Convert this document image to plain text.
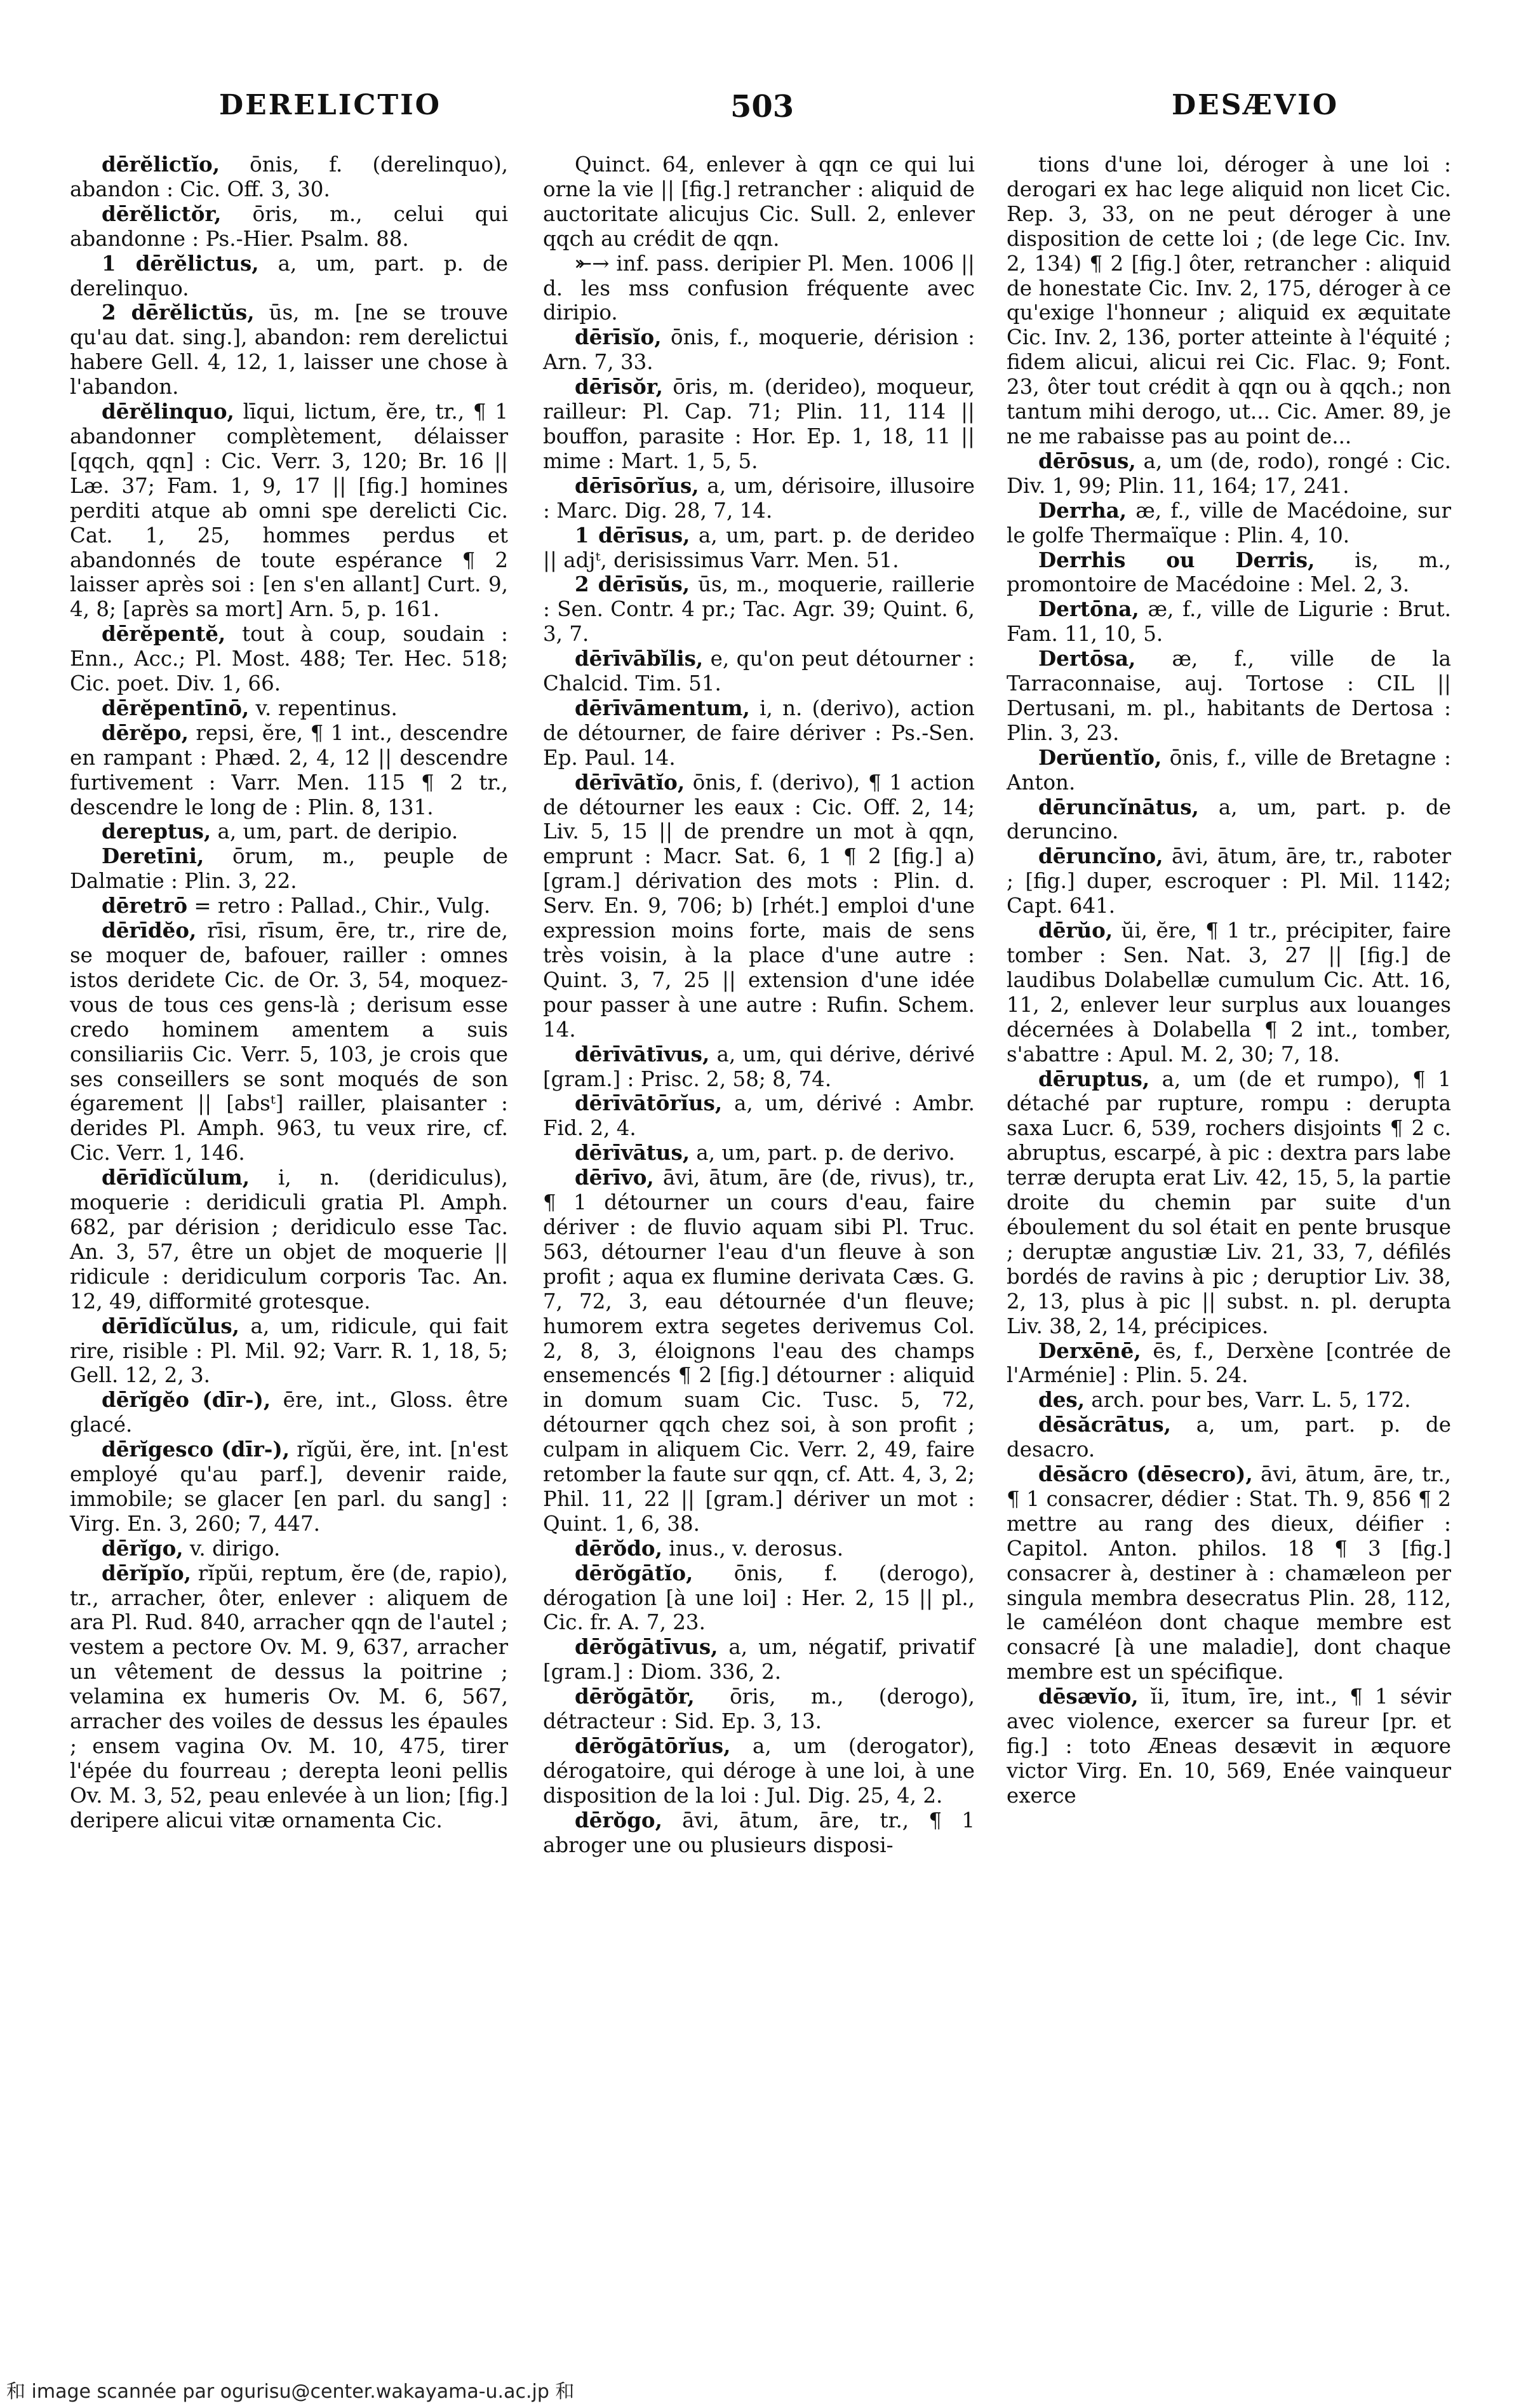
DERELICTIO	503	DESÆVIO

dērĕlictĭo, ōnis, f. (derelinquo), abandon : Cic. Off. 3, 30.

dērĕlictŏr, ōris, m., celui qui abandonne : Ps.-Hier. Psalm. 88.

1 dērĕlictus, a, um, part. p. de derelinquo.

2 dērĕlictŭs, ūs, m. [ne se trouve qu'au dat. sing.], abandon: rem derelictui habere Gell. 4, 12, 1, laisser une chose à l'abandon.

dērĕlinquo, līqui, lictum, ĕre, tr., ¶ 1 abandonner complètement, délaisser [qqch, qqn] : Cic. Verr. 3, 120; Br. 16 || Læ. 37; Fam. 1, 9, 17 || [fig.] homines perditi atque ab omni spe derelicti Cic. Cat. 1, 25, hommes perdus et abandonnés de toute espérance ¶ 2 laisser après soi : [en s'en allant] Curt. 9, 4, 8; [après sa mort] Arn. 5, p. 161.

dērĕpentĕ, tout à coup, soudain : Enn., Acc.; Pl. Most. 488; Ter. Hec. 518; Cic. poet. Div. 1, 66.

dērĕpentīnō, v. repentinus.

dērĕpo, repsi, ĕre, ¶ 1 int., descendre en rampant : Phæd. 2, 4, 12 || descendre furtivement : Varr. Men. 115 ¶ 2 tr., descendre le long de : Plin. 8, 131.

dereptus, a, um, part. de deripio.

Deretīni, ōrum, m., peuple de Dalmatie : Plin. 3, 22.

dēretrō = retro : Pallad., Chir., Vulg.

dērīdĕo, rīsi, rīsum, ēre, tr., rire de, se moquer de, bafouer, railler : omnes istos deridete Cic. de Or. 3, 54, moquez-vous de tous ces gens-là ; derisum esse credo hominem amentem a suis consiliariis Cic. Verr. 5, 103, je crois que ses conseillers se sont moqués de son égarement || [absᵗ] railler, plaisanter : derides Pl. Amph. 963, tu veux rire, cf. Cic. Verr. 1, 146.

dērīdĭcŭlum, i, n. (deridiculus), moquerie : deridiculi gratia Pl. Amph. 682, par dérision ; deridiculo esse Tac. An. 3, 57, être un objet de moquerie || ridicule : deridiculum corporis Tac. An. 12, 49, difformité grotesque.

dērīdĭcŭlus, a, um, ridicule, qui fait rire, risible : Pl. Mil. 92; Varr. R. 1, 18, 5; Gell. 12, 2, 3.

dērĭgĕo (dīr-), ēre, int., Gloss. être glacé.

dērĭgesco (dīr-), rĭgŭi, ĕre, int. [n'est employé qu'au parf.], devenir raide, immobile; se glacer [en parl. du sang] : Virg. En. 3, 260; 7, 447.

dērĭgo, v. dirigo.

dērĭpĭo, rĭpŭi, reptum, ĕre (de, rapio), tr., arracher, ôter, enlever : aliquem de ara Pl. Rud. 840, arracher qqn de l'autel ; vestem a pectore Ov. M. 9, 637, arracher un vêtement de dessus la poitrine ; velamina ex humeris Ov. M. 6, 567, arracher des voiles de dessus les épaules ; ensem vagina Ov. M. 10, 475, tirer l'épée du fourreau ; derepta leoni pellis Ov. M. 3, 52, peau enlevée à un lion; [fig.] deripere alicui vitæ ornamenta Cic.

Quinct. 64, enlever à qqn ce qui lui orne la vie || [fig.] retrancher : aliquid de auctoritate alicujus Cic. Sull. 2, enlever qqch au crédit de qqn.

⤜→ inf. pass. deripier Pl. Men. 1006 || d. les mss confusion fréquente avec diripio.

dērīsĭo, ōnis, f., moquerie, dérision : Arn. 7, 33.

dērīsŏr, ōris, m. (derideo), moqueur, railleur: Pl. Cap. 71; Plin. 11, 114 || bouffon, parasite : Hor. Ep. 1, 18, 11 || mime : Mart. 1, 5, 5.

dērīsōrĭus, a, um, dérisoire, illusoire : Marc. Dig. 28, 7, 14.

1 dērīsus, a, um, part. p. de derideo || adjᵗ, derisissimus Varr. Men. 51.

2 dērīsŭs, ūs, m., moquerie, raillerie : Sen. Contr. 4 pr.; Tac. Agr. 39; Quint. 6, 3, 7.

dērīvābĭlis, e, qu'on peut détourner : Chalcid. Tim. 51.

dērīvāmentum, i, n. (derivo), action de détourner, de faire dériver : Ps.-Sen. Ep. Paul. 14.

dērīvātĭo, ōnis, f. (derivo), ¶ 1 action de détourner les eaux : Cic. Off. 2, 14; Liv. 5, 15 || de prendre un mot à qqn, emprunt : Macr. Sat. 6, 1 ¶ 2 [fig.] a) [gram.] dérivation des mots : Plin. d. Serv. En. 9, 706; b) [rhét.] emploi d'une expression moins forte, mais de sens très voisin, à la place d'une autre : Quint. 3, 7, 25 || extension d'une idée pour passer à une autre : Rufin. Schem. 14.

dērīvātīvus, a, um, qui dérive, dérivé [gram.] : Prisc. 2, 58; 8, 74.

dērīvātōrĭus, a, um, dérivé : Ambr. Fid. 2, 4.

dērīvātus, a, um, part. p. de derivo.

dērīvo, āvi, ātum, āre (de, rivus), tr., ¶ 1 détourner un cours d'eau, faire dériver : de fluvio aquam sibi Pl. Truc. 563, détourner l'eau d'un fleuve à son profit ; aqua ex flumine derivata Cæs. G. 7, 72, 3, eau détournée d'un fleuve; humorem extra segetes derivemus Col. 2, 8, 3, éloignons l'eau des champs ensemencés ¶ 2 [fig.] détourner : aliquid in domum suam Cic. Tusc. 5, 72, détourner qqch chez soi, à son profit ; culpam in aliquem Cic. Verr. 2, 49, faire retomber la faute sur qqn, cf. Att. 4, 3, 2; Phil. 11, 22 || [gram.] dériver un mot : Quint. 1, 6, 38.

dērŏdo, inus., v. derosus.

dērŏgātĭo, ōnis, f. (derogo), dérogation [à une loi] : Her. 2, 15 || pl., Cic. fr. A. 7, 23.

dērŏgātīvus, a, um, négatif, privatif [gram.] : Diom. 336, 2.

dērŏgātŏr, ōris, m., (derogo), détracteur : Sid. Ep. 3, 13.

dērŏgātōrĭus, a, um (derogator), dérogatoire, qui déroge à une loi, à une disposition de la loi : Jul. Dig. 25, 4, 2.

dērŏgo, āvi, ātum, āre, tr., ¶ 1 abroger une ou plusieurs disposi-

tions d'une loi, déroger à une loi : derogari ex hac lege aliquid non licet Cic. Rep. 3, 33, on ne peut déroger à une disposition de cette loi ; (de lege Cic. Inv. 2, 134) ¶ 2 [fig.] ôter, retrancher : aliquid de honestate Cic. Inv. 2, 175, déroger à ce qu'exige l'honneur ; aliquid ex æquitate Cic. Inv. 2, 136, porter atteinte à l'équité ; fidem alicui, alicui rei Cic. Flac. 9; Font. 23, ôter tout crédit à qqn ou à qqch.; non tantum mihi derogo, ut... Cic. Amer. 89, je ne me rabaisse pas au point de...

dērōsus, a, um (de, rodo), rongé : Cic. Div. 1, 99; Plin. 11, 164; 17, 241.

Derrha, æ, f., ville de Macédoine, sur le golfe Thermaïque : Plin. 4, 10.

Derrhis ou Derris, is, m., promontoire de Macédoine : Mel. 2, 3.

Dertōna, æ, f., ville de Ligurie : Brut. Fam. 11, 10, 5.

Dertōsa, æ, f., ville de la Tarraconnaise, auj. Tortose : CIL || Dertusani, m. pl., habitants de Dertosa : Plin. 3, 23.

Derŭentĭo, ōnis, f., ville de Bretagne : Anton.

dēruncĭnātus, a, um, part. p. de deruncino.

dēruncĭno, āvi, ātum, āre, tr., raboter ; [fig.] duper, escroquer : Pl. Mil. 1142; Capt. 641.

dērŭo, ŭi, ĕre, ¶ 1 tr., précipiter, faire tomber : Sen. Nat. 3, 27 || [fig.] de laudibus Dolabellæ cumulum Cic. Att. 16, 11, 2, enlever leur surplus aux louanges décernées à Dolabella ¶ 2 int., tomber, s'abattre : Apul. M. 2, 30; 7, 18.

dēruptus, a, um (de et rumpo), ¶ 1 détaché par rupture, rompu : derupta saxa Lucr. 6, 539, rochers disjoints ¶ 2 c. abruptus, escarpé, à pic : dextra pars labe terræ derupta erat Liv. 42, 15, 5, la partie droite du chemin par suite d'un éboulement du sol était en pente brusque ; deruptæ angustiæ Liv. 21, 33, 7, défilés bordés de ravins à pic ; deruptior Liv. 38, 2, 13, plus à pic || subst. n. pl. derupta Liv. 38, 2, 14, précipices.

Derxēnē, ēs, f., Derxène [contrée de l'Arménie] : Plin. 5. 24.

des, arch. pour bes, Varr. L. 5, 172.

dēsăcrātus, a, um, part. p. de desacro.

dēsăcro (dēsecro), āvi, ātum, āre, tr., ¶ 1 consacrer, dédier : Stat. Th. 9, 856 ¶ 2 mettre au rang des dieux, déifier : Capitol. Anton. philos. 18 ¶ 3 [fig.] consacrer à, destiner à : chamæleon per singula membra desecratus Plin. 28, 112, le caméléon dont chaque membre est consacré [à une maladie], dont chaque membre est un spécifique.

dēsævĭo, ĭi, ītum, īre, int., ¶ 1 sévir avec violence, exercer sa fureur [pr. et fig.] : toto Æneas desævit in æquore victor Virg. En. 10, 569, Enée vainqueur exerce

和 image scannée par ogurisu@center.wakayama-u.ac.jp 和
